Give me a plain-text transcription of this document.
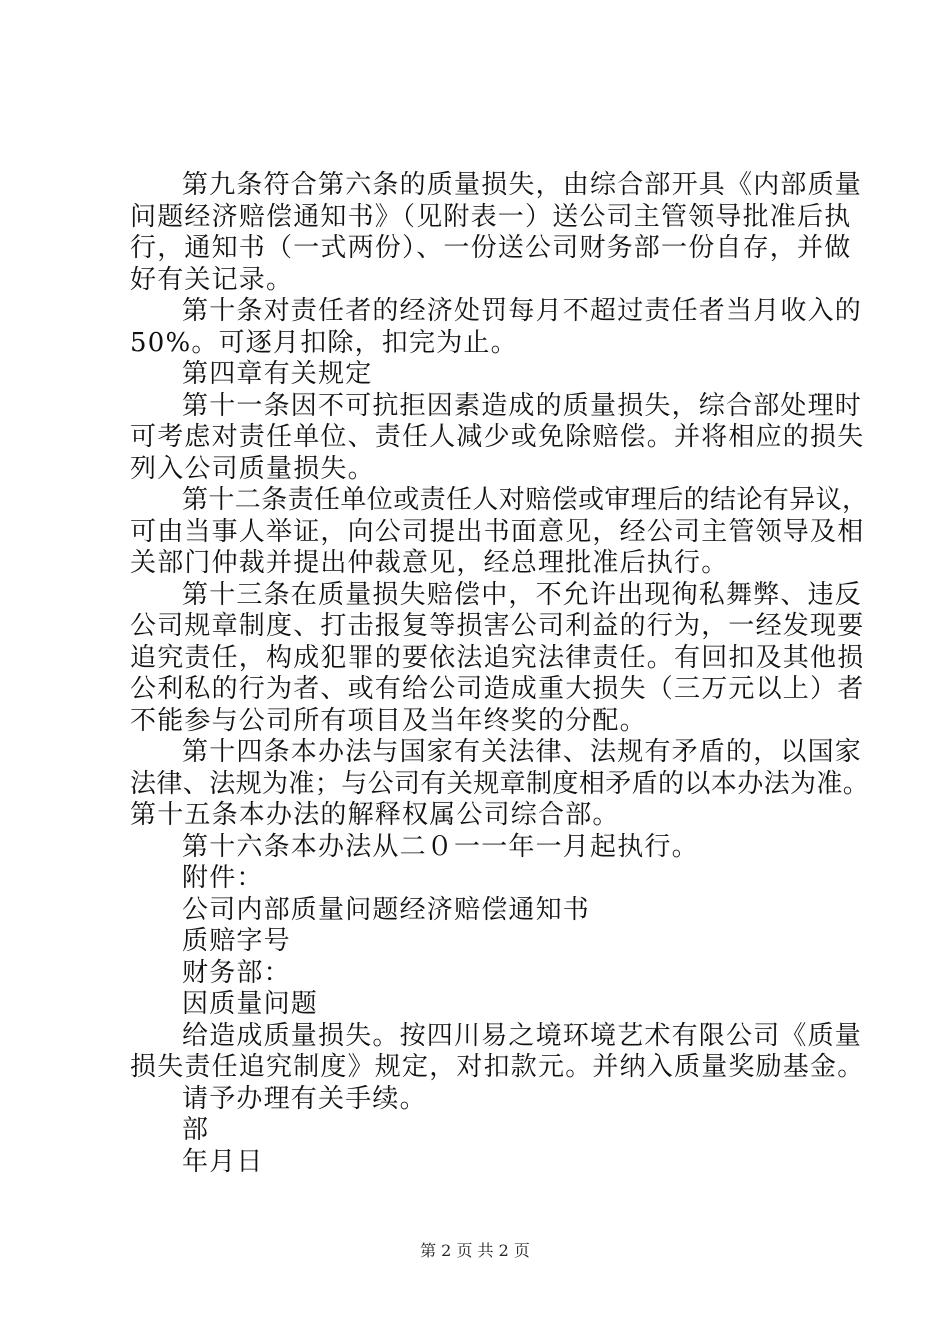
第九条符合第六条的质量损失，由综合部开具《内部质量
问题经济赔偿通知书》（见附表一）送公司主管领导批准后执
行，通知书（一式两份）、一份送公司财务部一份自存，并做
好有关记录。
第十条对责任者的经济处罚每月不超过责任者当月收入的
50%。可逐月扣除，扣完为止。
第四章有关规定
第十一条因不可抗拒因素造成的质量损失，综合部处理时
可考虑对责任单位、责任人减少或免除赔偿。并将相应的损失
列入公司质量损失。
第十二条责任单位或责任人对赔偿或审理后的结论有异议，
可由当事人举证，向公司提出书面意见，经公司主管领导及相
关部门仲裁并提出仲裁意见，经总理批准后执行。
第十三条在质量损失赔偿中，不允许出现徇私舞弊、违反
公司规章制度、打击报复等损害公司利益的行为，一经发现要
追究责任，构成犯罪的要依法追究法律责任。有回扣及其他损
公利私的行为者、或有给公司造成重大损失（三万元以上）者
不能参与公司所有项目及当年终奖的分配。
第十四条本办法与国家有关法律、法规有矛盾的，以国家
法律、法规为准；与公司有关规章制度相矛盾的以本办法为准。
第十五条本办法的解释权属公司综合部。
第十六条本办法从二０一一年一月起执行。
附件：
公司内部质量问题经济赔偿通知书
质赔字号
财务部：
因质量问题
给造成质量损失。按四川易之境环境艺术有限公司《质量
损失责任追究制度》规定，对扣款元。并纳入质量奖励基金。
请予办理有关手续。
部
年月日
第 2 页 共 2 页
